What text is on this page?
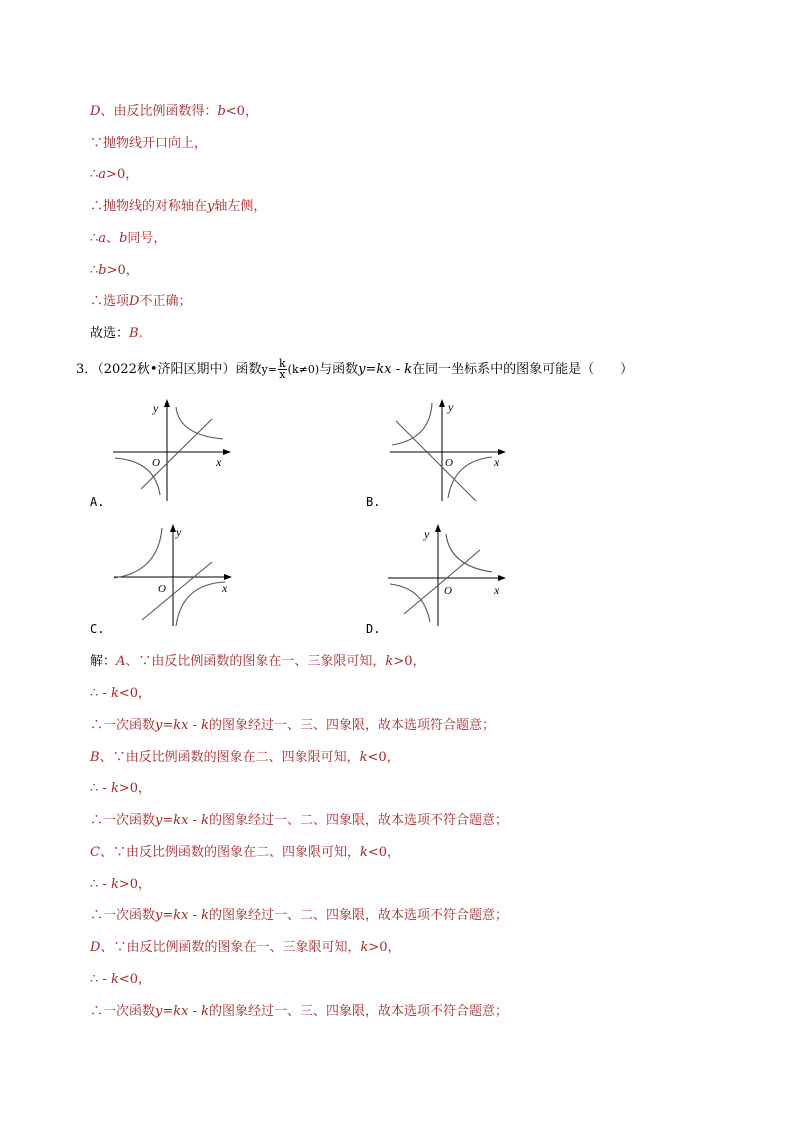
D、由反比例函数得：b<0，
∵抛物线开口向上，
∴a>0，
∴抛物线的对称轴在y轴左侧，
∴a、b同号，
∴b>0，
∴选项D不正确；
故选：B.
3．（2022秋•济阳区期中）函数$y= \frac{k}{x} (k\ne 0)$与函数y=kx - k在同一坐标系中的图象可能是（　　）
y
x
O
A.
y
x
O
B.
y
x
O
C.
y
x
O
D.
解：A、∵由反比例函数的图象在一、三象限可知，k>0，
∴ - k<0，
∴一次函数y=kx - k的图象经过一、三、四象限，故本选项符合题意；
B、∵由反比例函数的图象在二、四象限可知，k<0，
∴ - k>0，
∴一次函数y=kx - k的图象经过一、二、四象限，故本选项不符合题意；
C、∵由反比例函数的图象在二、四象限可知，k<0，
∴ - k>0，
∴一次函数y=kx - k的图象经过一、二、四象限，故本选项不符合题意；
D、∵由反比例函数的图象在一、三象限可知，k>0，
∴ - k<0，
∴一次函数y=kx - k的图象经过一、三、四象限，故本选项不符合题意；
